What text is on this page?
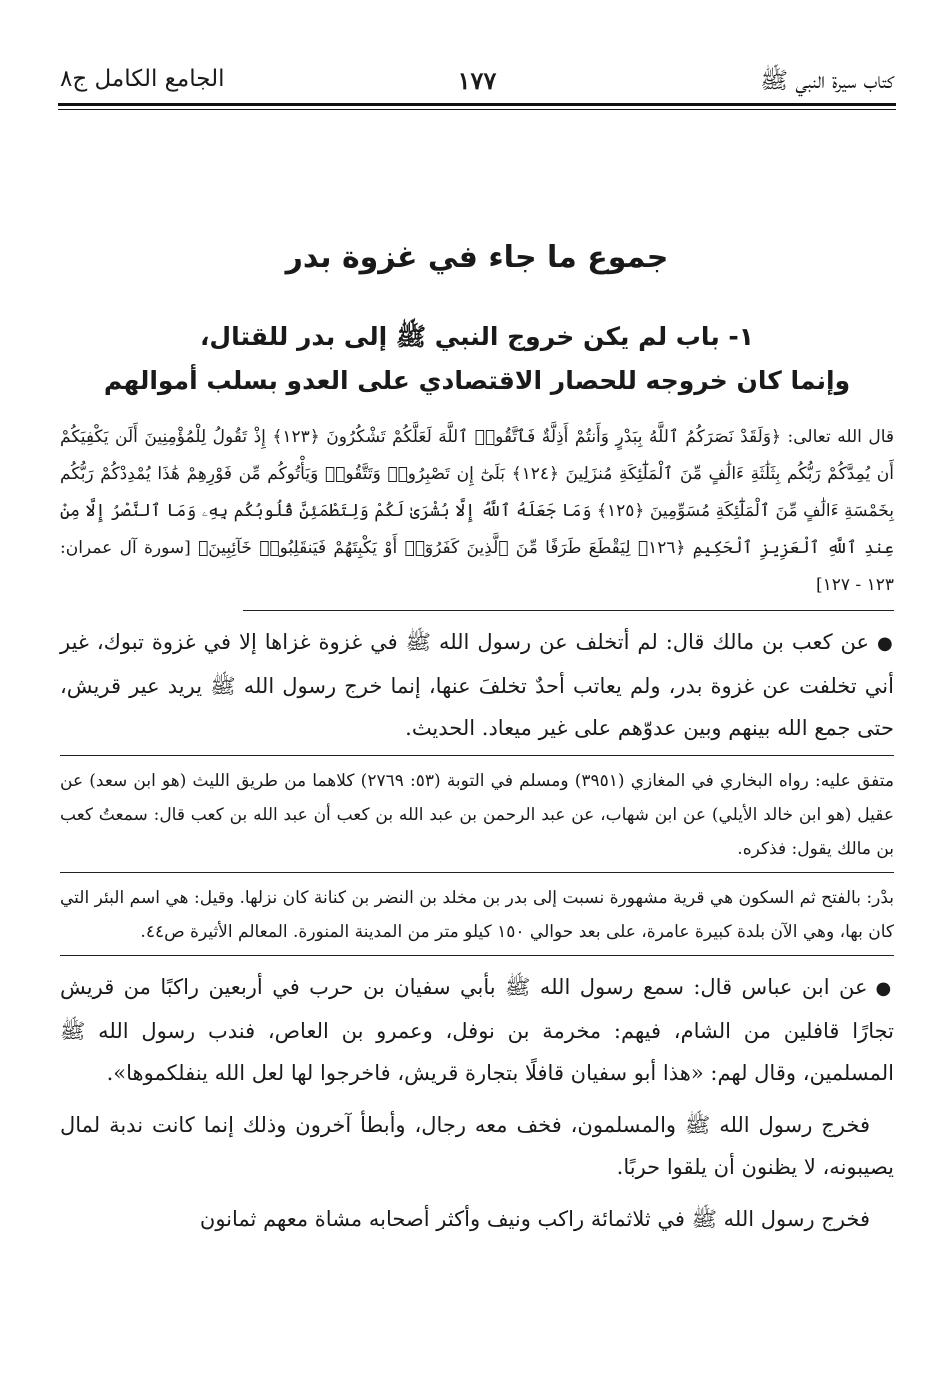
كتاب سيرة النبي ﷺ
١٧٧
الجامع الكامل ج٨
جموع ما جاء في غزوة بدر
١- باب لم يكن خروج النبي ﷺ إلى بدر للقتال،
وإنما كان خروجه للحصار الاقتصادي على العدو بسلب أموالهم

قال الله تعالى: ﴿وَلَقَدْ نَصَرَكُمُ ٱللَّهُ بِبَدْرٍ وَأَنتُمْ أَذِلَّةٌ فَٱتَّقُوا۟ ٱللَّهَ لَعَلَّكُمْ تَشْكُرُونَ ﴿١٢٣﴾ إِذْ تَقُولُ لِلْمُؤْمِنِينَ أَلَن يَكْفِيَكُمْ أَن يُمِدَّكُمْ رَبُّكُم بِثَلَٰثَةِ ءَالَٰفٍ مِّنَ ٱلْمَلَٰٓئِكَةِ مُنزَلِينَ ﴿١٢٤﴾ بَلَىٰٓ إِن تَصْبِرُوا۟ وَتَتَّقُوا۟ وَيَأْتُوكُم مِّن فَوْرِهِمْ هَٰذَا يُمْدِدْكُمْ رَبُّكُم بِخَمْسَةِ ءَالَٰفٍ مِّنَ ٱلْمَلَٰٓئِكَةِ مُسَوِّمِينَ ﴿١٢٥﴾ وَمَا جَعَلَهُ ٱللَّهُ إِلَّا بُشْرَىٰ لَكُمْ وَلِتَطْمَئِنَّ قُلُوبُكُم بِهِۦ وَمَا ٱلنَّصْرُ إِلَّا مِنْ عِندِ ٱللَّهِ ٱلْعَزِيزِ ٱلْحَكِيمِ ﴿١٢٦﴾ لِيَقْطَعَ طَرَفًا مِّنَ ٱلَّذِينَ كَفَرُوٓا۟ أَوْ يَكْبِتَهُمْ فَيَنقَلِبُوا۟ خَآئِبِينَ﴾ [سورة آل عمران: ١٢٣ - ١٢٧]

●عن كعب بن مالك قال: لم أتخلف عن رسول الله ﷺ في غزوة غزاها إلا في غزوة تبوك، غير أني تخلفت عن غزوة بدر، ولم يعاتب أحدٌ تخلفَ عنها، إنما خرج رسول الله ﷺ يريد عير قريش، حتى جمع الله بينهم وبين عدوّهم على غير ميعاد. الحديث.

متفق عليه: رواه البخاري في المغازي (٣٩٥١) ومسلم في التوبة (٥٣: ٢٧٦٩) كلاهما من طريق الليث (هو ابن سعد) عن عقيل (هو ابن خالد الأيلي) عن ابن شهاب، عن عبد الرحمن بن عبد الله بن كعب أن عبد الله بن كعب قال: سمعتُ كعب بن مالك يقول: فذكره.

بدْر: بالفتح ثم السكون هي قرية مشهورة نسبت إلى بدر بن مخلد بن النضر بن كنانة كان نزلها. وقيل: هي اسم البئر التي كان بها، وهي الآن بلدة كبيرة عامرة، على بعد حوالي ١٥٠ كيلو متر من المدينة المنورة. المعالم الأثيرة ص٤٤.

●عن ابن عباس قال: سمع رسول الله ﷺ بأبي سفيان بن حرب في أربعين راكبًا من قريش تجارًا قافلين من الشام، فيهم: مخرمة بن نوفل، وعمرو بن العاص، فندب رسول الله ﷺ المسلمين، وقال لهم: «هذا أبو سفيان قافلًا بتجارة قريش، فاخرجوا لها لعل الله ينفلكموها».

فخرج رسول الله ﷺ والمسلمون، فخف معه رجال، وأبطأ آخرون وذلك إنما كانت ندبة لمال يصيبونه، لا يظنون أن يلقوا حربًا.

فخرج رسول الله ﷺ في ثلاثمائة راكب ونيف وأكثر أصحابه مشاة معهم ثمانون
